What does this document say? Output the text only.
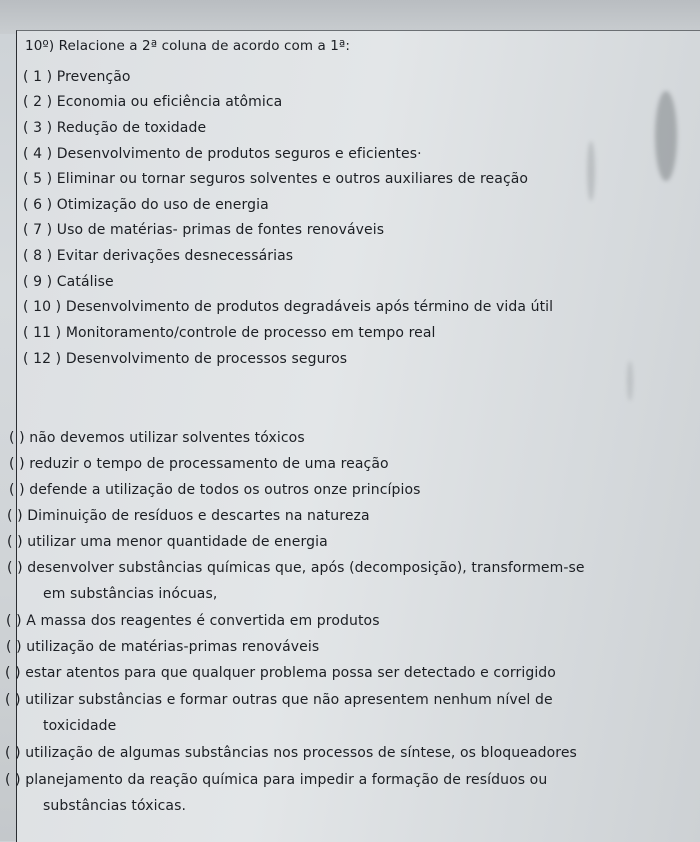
10º) Relacione a 2ª coluna de acordo com a 1ª:
( 1 ) Prevenção
( 2 ) Economia ou eficiência atômica
( 3 ) Redução de toxidade
( 4 ) Desenvolvimento de produtos seguros e eficientes·
( 5 ) Eliminar ou tornar seguros solventes e outros auxiliares de reação
( 6 ) Otimização do uso de energia
( 7 ) Uso de matérias- primas de fontes renováveis
( 8 ) Evitar derivações desnecessárias
( 9 ) Catálise
( 10 ) Desenvolvimento de produtos degradáveis após término de vida útil
( 11 ) Monitoramento/controle de processo em tempo real
( 12 ) Desenvolvimento de processos seguros
( ) não devemos utilizar solventes tóxicos
( ) reduzir o tempo de processamento de uma reação
( ) defende a utilização de todos os outros onze princípios
( ) Diminuição de resíduos e descartes na natureza
( ) utilizar uma menor quantidade de energia
( ) desenvolver substâncias químicas que, após (decomposição), transformem-se
em substâncias inócuas,
( ) A massa dos reagentes é convertida em produtos
( ) utilização de matérias-primas renováveis
( ) estar atentos para que qualquer problema possa ser detectado e corrigido
( ) utilizar substâncias e formar outras que não apresentem nenhum nível de
toxicidade
( ) utilização de algumas substâncias nos processos de síntese, os bloqueadores
( ) planejamento da reação química para impedir a formação de resíduos ou
substâncias tóxicas.
